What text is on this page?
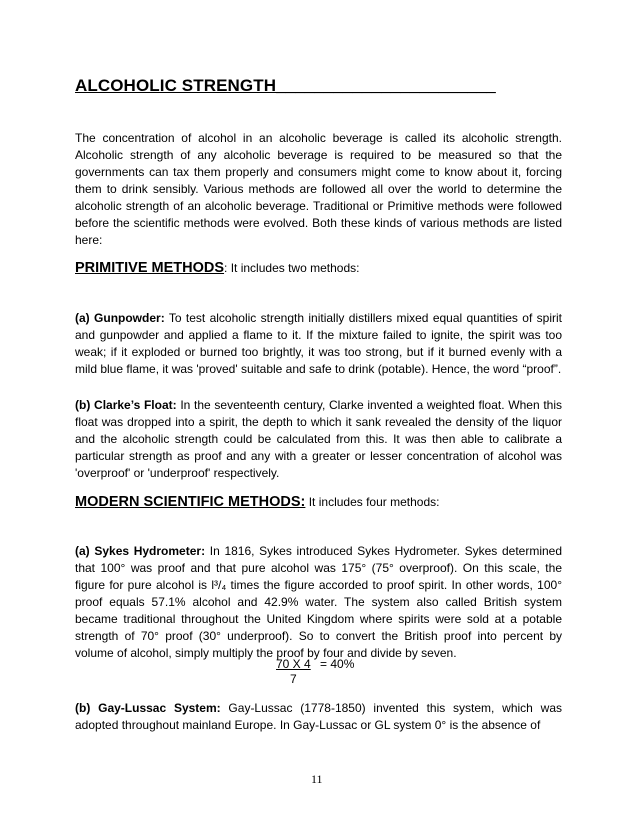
ALCOHOLIC STRENGTH_______________________
The concentration of alcohol in an alcoholic beverage is called its alcoholic strength. Alcoholic strength of any alcoholic beverage is required to be measured so that the governments can tax them properly and consumers might come to know about it, forcing them to drink sensibly. Various methods are followed all over the world to determine the alcoholic strength of an alcoholic beverage. Traditional or Primitive methods were followed before the scientific methods were evolved. Both these kinds of various methods are listed here:
PRIMITIVE METHODS: It includes two methods:
(a) Gunpowder: To test alcoholic strength initially distillers mixed equal quantities of spirit and gunpowder and applied a flame to it. If the mixture failed to ignite, the spirit was too weak; if it exploded or burned too brightly, it was too strong, but if it burned evenly with a mild blue flame, it was 'proved' suitable and safe to drink (potable). Hence, the word “proof”.
(b) Clarke’s Float: In the seventeenth century, Clarke invented a weighted float. When this float was dropped into a spirit, the depth to which it sank revealed the density of the liquor and the alcoholic strength could be calculated from this. It was then able to calibrate a particular strength as proof and any with a greater or lesser concentration of alcohol was 'overproof' or 'underproof' respectively.
MODERN SCIENTIFIC METHODS: It includes four methods:
(a) Sykes Hydrometer: In 1816, Sykes introduced Sykes Hydrometer. Sykes determined that 100° was proof and that pure alcohol was 175° (75° overproof). On this scale, the figure for pure alcohol is l³/₄ times the figure accorded to proof spirit. In other words, 100° proof equals 57.1% alcohol and 42.9% water. The system also called British system became traditional throughout the United Kingdom where spirits were sold at a potable strength of 70° proof (30° underproof). So to convert the British proof into percent by volume of alcohol, simply multiply the proof by four and divide by seven.
70 X 4
7
= 40%
(b) Gay-Lussac System: Gay-Lussac (1778-1850) invented this system, which was adopted throughout mainland Europe. In Gay-Lussac or GL system 0° is the absence of
11
